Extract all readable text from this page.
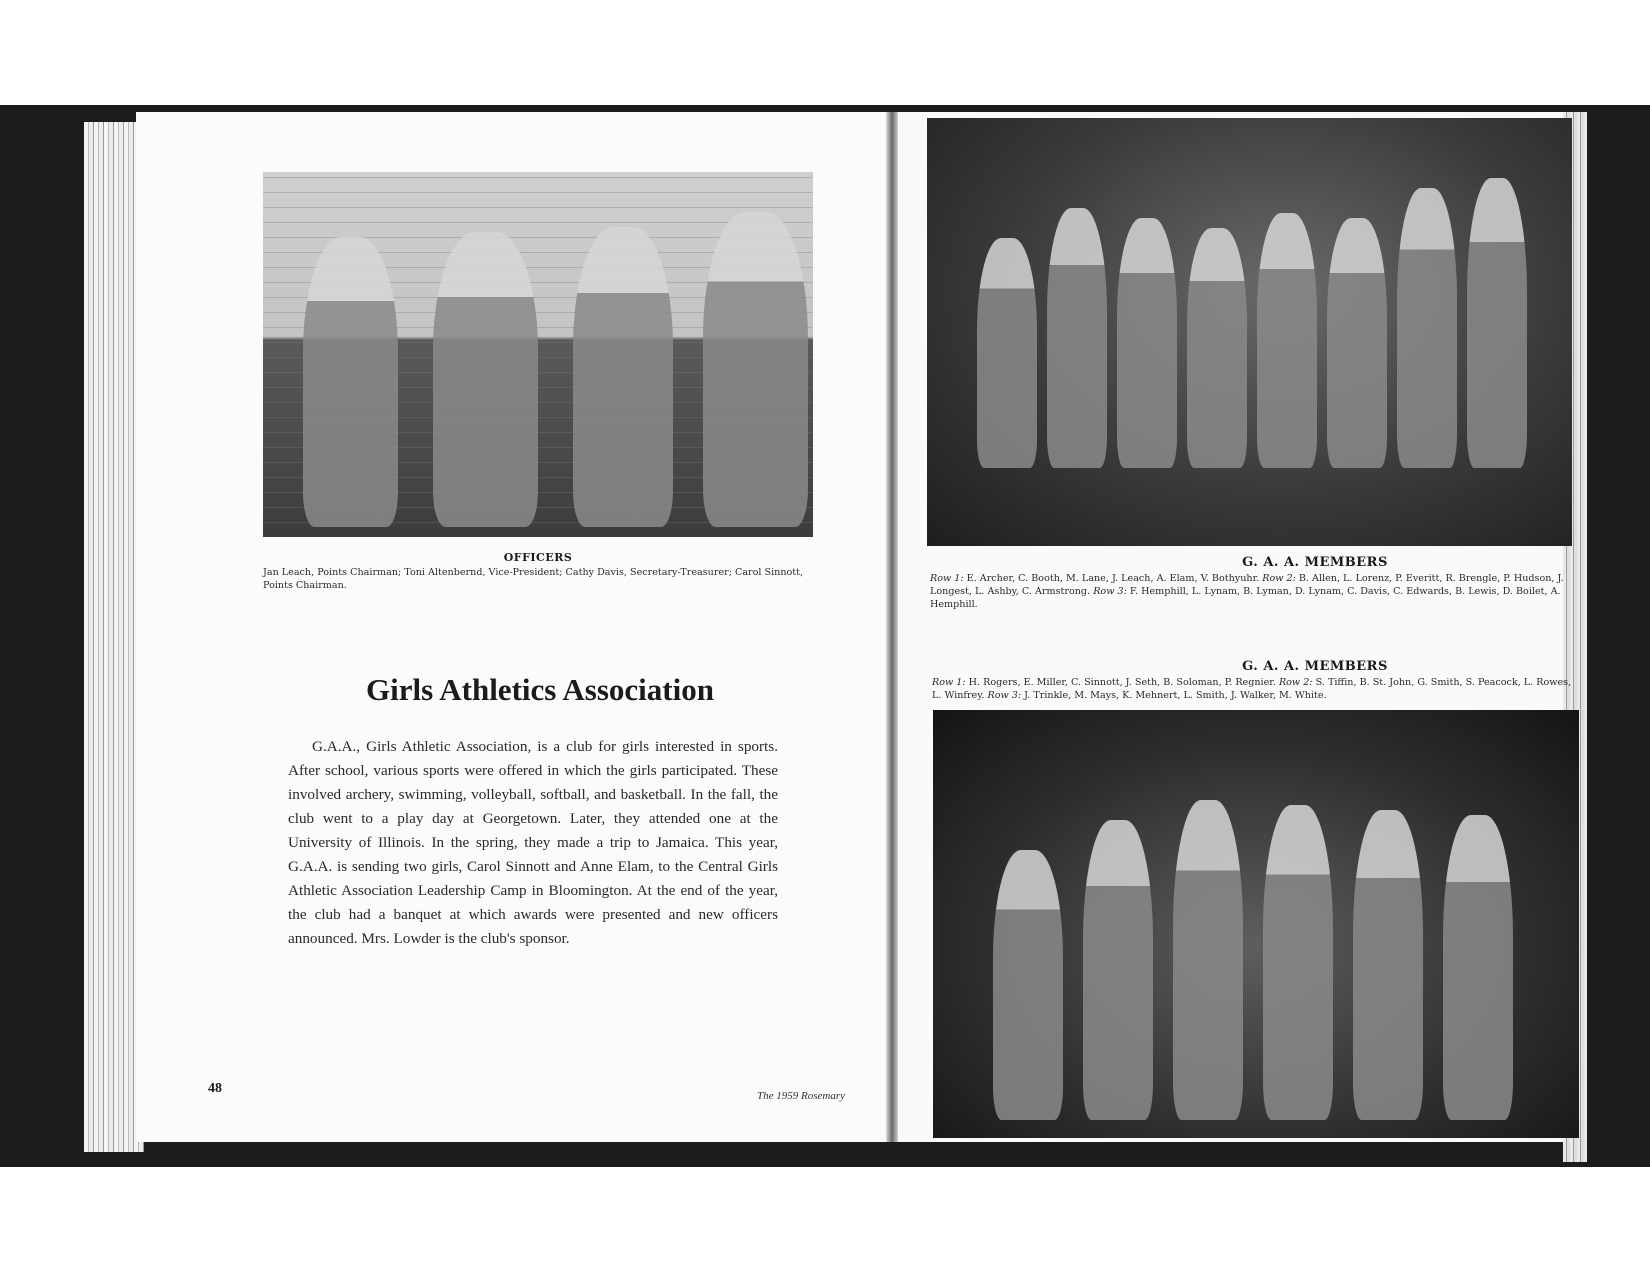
OFFICERS
Jan Leach, Points Chairman; Toni Altenbernd, Vice-President; Cathy Davis, Secretary-Treasurer; Carol Sinnott, Points Chairman.
Girls Athletics Association
G.A.A., Girls Athletic Association, is a club for girls interested in sports. After school, various sports were offered in which the girls participated. These involved archery, swimming, volleyball, softball, and basketball. In the fall, the club went to a play day at Georgetown. Later, they attended one at the University of Illinois. In the spring, they made a trip to Jamaica. This year, G.A.A. is sending two girls, Carol Sinnott and Anne Elam, to the Central Girls Athletic Association Leadership Camp in Bloomington. At the end of the year, the club had a banquet at which awards were presented and new officers announced. Mrs. Lowder is the club's sponsor.
48	The 1959 Rosemary
G. A. A. MEMBERS
Row 1: E. Archer, C. Booth, M. Lane, J. Leach, A. Elam, V. Bothyuhr. Row 2: B. Allen, L. Lorenz, P. Everitt, R. Brengle, P. Hudson, J. Longest, L. Ashby, C. Armstrong. Row 3: F. Hemphill, L. Lynam, B. Lyman, D. Lynam, C. Davis, C. Edwards, B. Lewis, D. Boilet, A. Hemphill.
G. A. A. MEMBERS
Row 1: H. Rogers, E. Miller, C. Sinnott, J. Seth, B. Soloman, P. Regnier. Row 2: S. Tiffin, B. St. John, G. Smith, S. Peacock, L. Rowes, L. Winfrey. Row 3: J. Trinkle, M. Mays, K. Mehnert, L. Smith, J. Walker, M. White.
